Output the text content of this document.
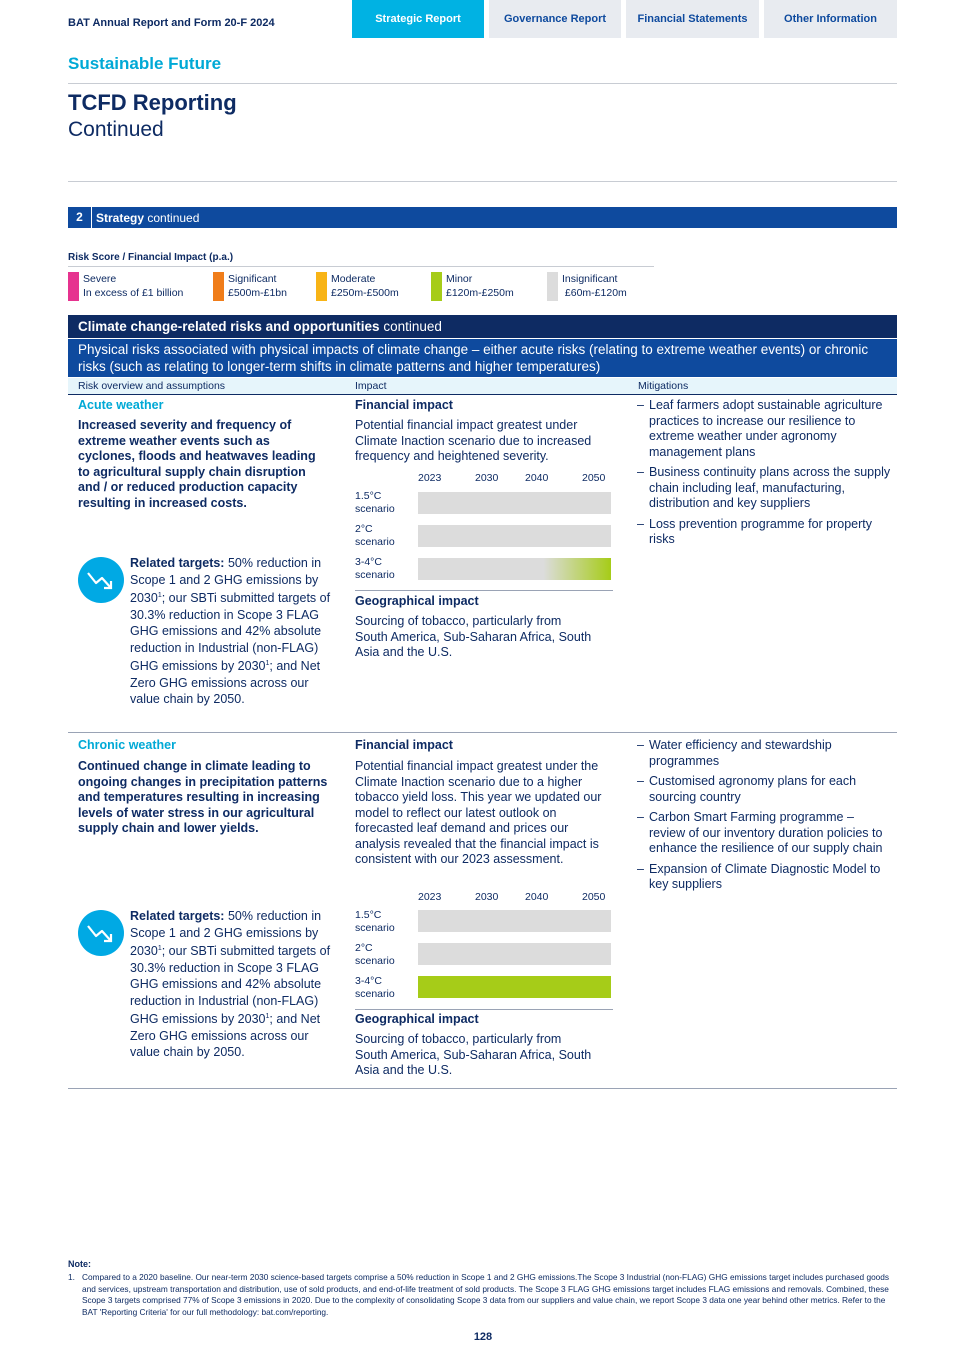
BAT Annual Report and Form 20-F 2024	Strategic Report	Governance Report	Financial Statements	Other Information
Sustainable Future
TCFD Reporting
Continued
2	Strategy continued
Risk Score / Financial Impact (p.a.)
Severe
In excess of £1 billion
Significant
£500m-£1bn
Moderate
£250m-£500m
Minor
£120m-£250m
Insignificant
£60m-£120m
Climate change-related risks and opportunities continued
Physical risks associated with physical impacts of climate change – either acute risks (relating to extreme weather events) or chronic risks (such as relating to longer-term shifts in climate patterns and higher temperatures)
Risk overview and assumptions	Impact	Mitigations
Acute weather
Increased severity and frequency of extreme weather events such as cyclones, floods and heatwaves leading to agricultural supply chain disruption and / or reduced production capacity resulting in increased costs.
Related targets: 50% reduction in Scope 1 and 2 GHG emissions by 2030$^1$; our SBTi submitted targets of 30.3% reduction in Scope 3 FLAG GHG emissions and 42% absolute reduction in Industrial (non-FLAG) GHG emissions by 2030$^1$; and Net Zero GHG emissions across our value chain by 2050.
Financial impact
Potential financial impact greatest under Climate Inaction scenario due to increased frequency and heightened severity.
2023	2030	2040	2050
1.5°C scenario
2°C scenario
3-4°C scenario
Geographical impact
Sourcing of tobacco, particularly from South America, Sub-Saharan Africa, South Asia and the U.S.
– Leaf farmers adopt sustainable agriculture practices to increase our resilience to extreme weather under agronomy management plans
– Business continuity plans across the supply chain including leaf, manufacturing, distribution and key suppliers
– Loss prevention programme for property risks
Chronic weather
Continued change in climate leading to ongoing changes in precipitation patterns and temperatures resulting in increasing levels of water stress in our agricultural supply chain and lower yields.
Related targets: 50% reduction in Scope 1 and 2 GHG emissions by 2030$^1$; our SBTi submitted targets of 30.3% reduction in Scope 3 FLAG GHG emissions and 42% absolute reduction in Industrial (non-FLAG) GHG emissions by 2030$^1$; and Net Zero GHG emissions across our value chain by 2050.
Financial impact
Potential financial impact greatest under the Climate Inaction scenario due to a higher tobacco yield loss. This year we updated our model to reflect our latest outlook on forecasted leaf demand and prices our analysis revealed that the financial impact is consistent with our 2023 assessment.
2023	2030	2040	2050
1.5°C scenario
2°C scenario
3-4°C scenario
Geographical impact
Sourcing of tobacco, particularly from South America, Sub-Saharan Africa, South Asia and the U.S.
– Water efficiency and stewardship programmes
– Customised agronomy plans for each sourcing country
– Carbon Smart Farming programme – review of our inventory duration policies to enhance the resilience of our supply chain
– Expansion of Climate Diagnostic Model to key suppliers
Note:
1. Compared to a 2020 baseline. Our near-term 2030 science-based targets comprise a 50% reduction in Scope 1 and 2 GHG emissions.The Scope 3 Industrial (non-FLAG) GHG emissions target includes purchased goods and services, upstream transportation and distribution, use of sold products, and end-of-life treatment of sold products. The Scope 3 FLAG GHG emissions target includes FLAG emissions and removals. Combined, these Scope 3 targets comprised 77% of Scope 3 emissions in 2020. Due to the complexity of consolidating Scope 3 data from our suppliers and value chain, we report Scope 3 data one year behind other metrics. Refer to the BAT 'Reporting Criteria' for our full methodology: bat.com/reporting.
128
